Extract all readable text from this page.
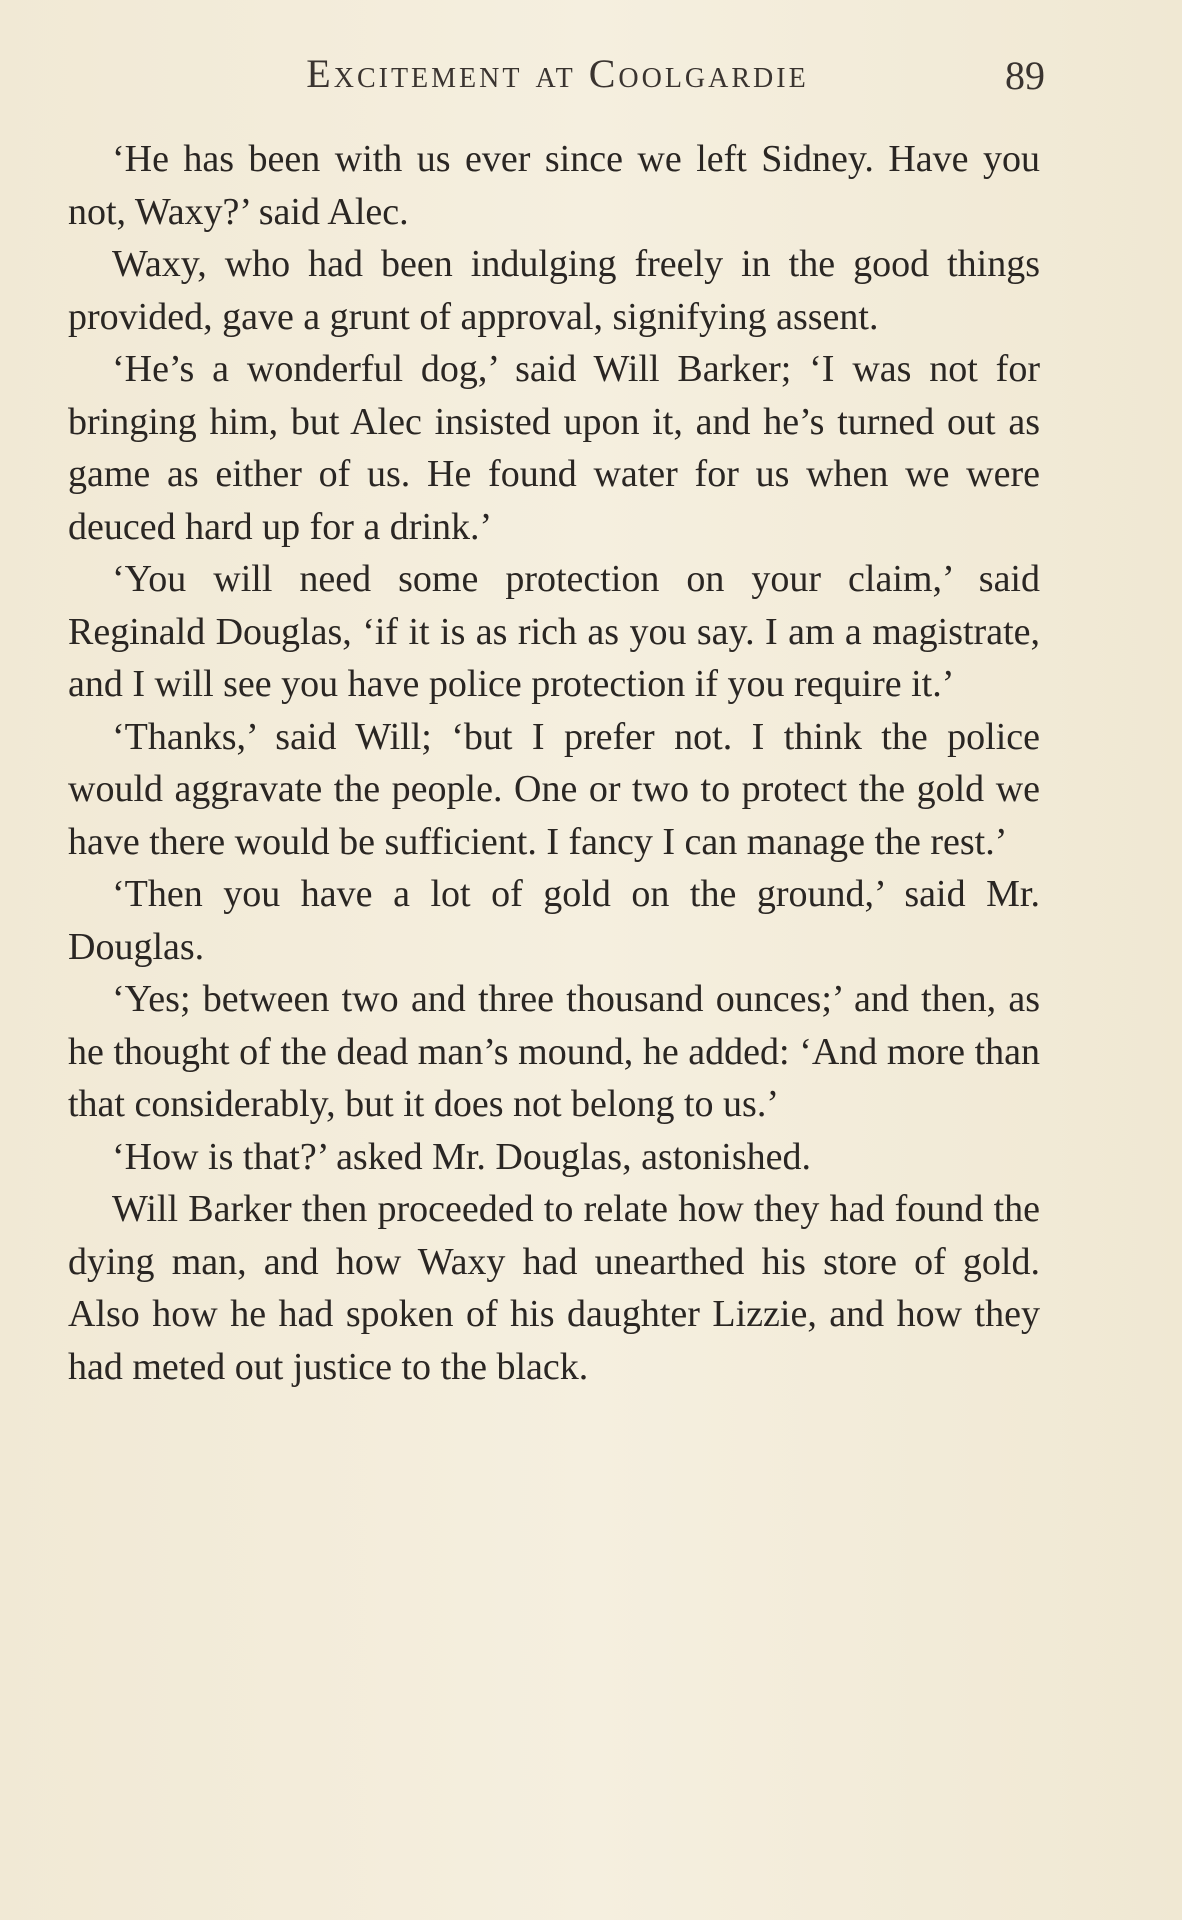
Excitement at Coolgardie	89

‘He has been with us ever since we left Sidney. Have you not, Waxy?’ said Alec.

Waxy, who had been indulging freely in the good things provided, gave a grunt of approval, signifying assent.

‘He’s a wonderful dog,’ said Will Barker; ‘I was not for bringing him, but Alec insisted upon it, and he’s turned out as game as either of us. He found water for us when we were deuced hard up for a drink.’

‘You will need some protection on your claim,’ said Reginald Douglas, ‘if it is as rich as you say. I am a magistrate, and I will see you have police protection if you require it.’

‘Thanks,’ said Will; ‘but I prefer not. I think the police would aggravate the people. One or two to protect the gold we have there would be sufficient. I fancy I can manage the rest.’

‘Then you have a lot of gold on the ground,’ said Mr. Douglas.

‘Yes; between two and three thousand ounces;’ and then, as he thought of the dead man’s mound, he added: ‘And more than that considerably, but it does not belong to us.’

‘How is that?’ asked Mr. Douglas, astonished.

Will Barker then proceeded to relate how they had found the dying man, and how Waxy had unearthed his store of gold. Also how he had spoken of his daughter Lizzie, and how they had meted out justice to the black.
